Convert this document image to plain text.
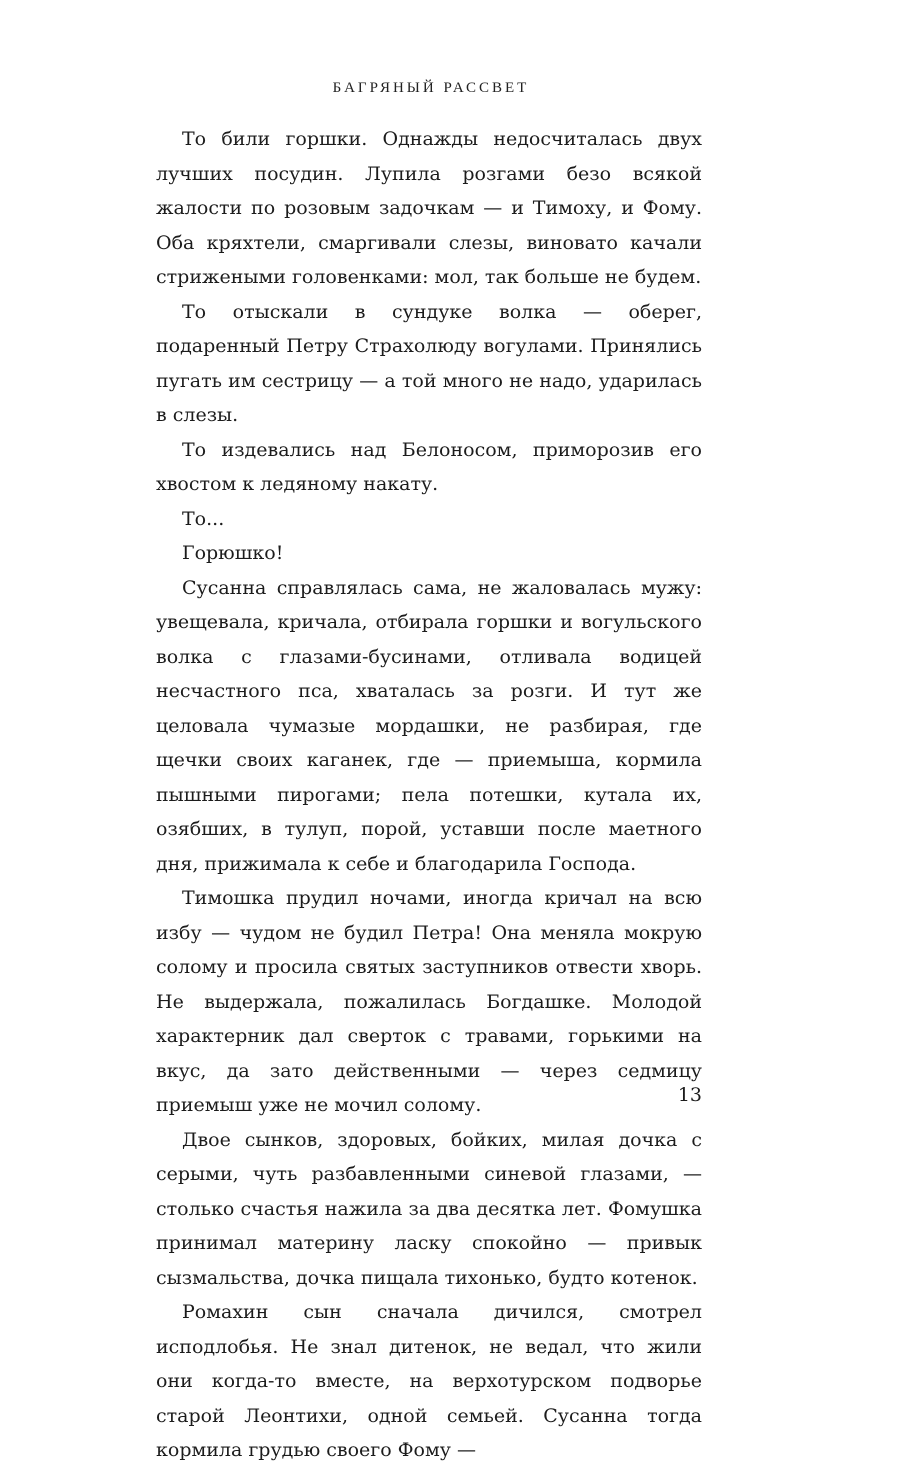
БАГРЯНЫЙ РАССВЕТ

То били горшки. Однажды недосчиталась двух лучших посудин. Лупила розгами безо всякой жалости по розовым задочкам — и Тимоху, и Фому. Оба кряхтели, смаргивали слезы, виновато качали стрижеными головенками: мол, так больше не будем.

То отыскали в сундуке волка — оберег, подаренный Петру Страхолюду вогулами. Принялись пугать им сестрицу — а той много не надо, ударилась в слезы.

То издевались над Белоносом, приморозив его хвостом к ледяному накату.

То...

Горюшко!

Сусанна справлялась сама, не жаловалась мужу: увещевала, кричала, отбирала горшки и вогульского волка с глазами-бусинами, отливала водицей несчастного пса, хваталась за розги. И тут же целовала чумазые мордашки, не разбирая, где щечки своих каганек, где — приемыша, кормила пышными пирогами; пела потешки, кутала их, озябших, в тулуп, порой, уставши после маетного дня, прижимала к себе и благодарила Господа.

Тимошка прудил ночами, иногда кричал на всю избу — чудом не будил Петра! Она меняла мокрую солому и просила святых заступников отвести хворь. Не выдержала, пожалилась Богдашке. Молодой характерник дал сверток с травами, горькими на вкус, да зато действенными — через седмицу приемыш уже не мочил солому.

Двое сынков, здоровых, бойких, милая дочка с серыми, чуть разбавленными синевой глазами, — столько счастья нажила за два десятка лет. Фомушка принимал материну ласку спокойно — привык сызмальства, дочка пищала тихонько, будто котенок.

Ромахин сын сначала дичился, смотрел исподлобья. Не знал дитенок, не ведал, что жили они когда-то вместе, на верхотурском подворье старой Леонтихи, одной семьей. Сусанна тогда кормила грудью своего Фому —

13
